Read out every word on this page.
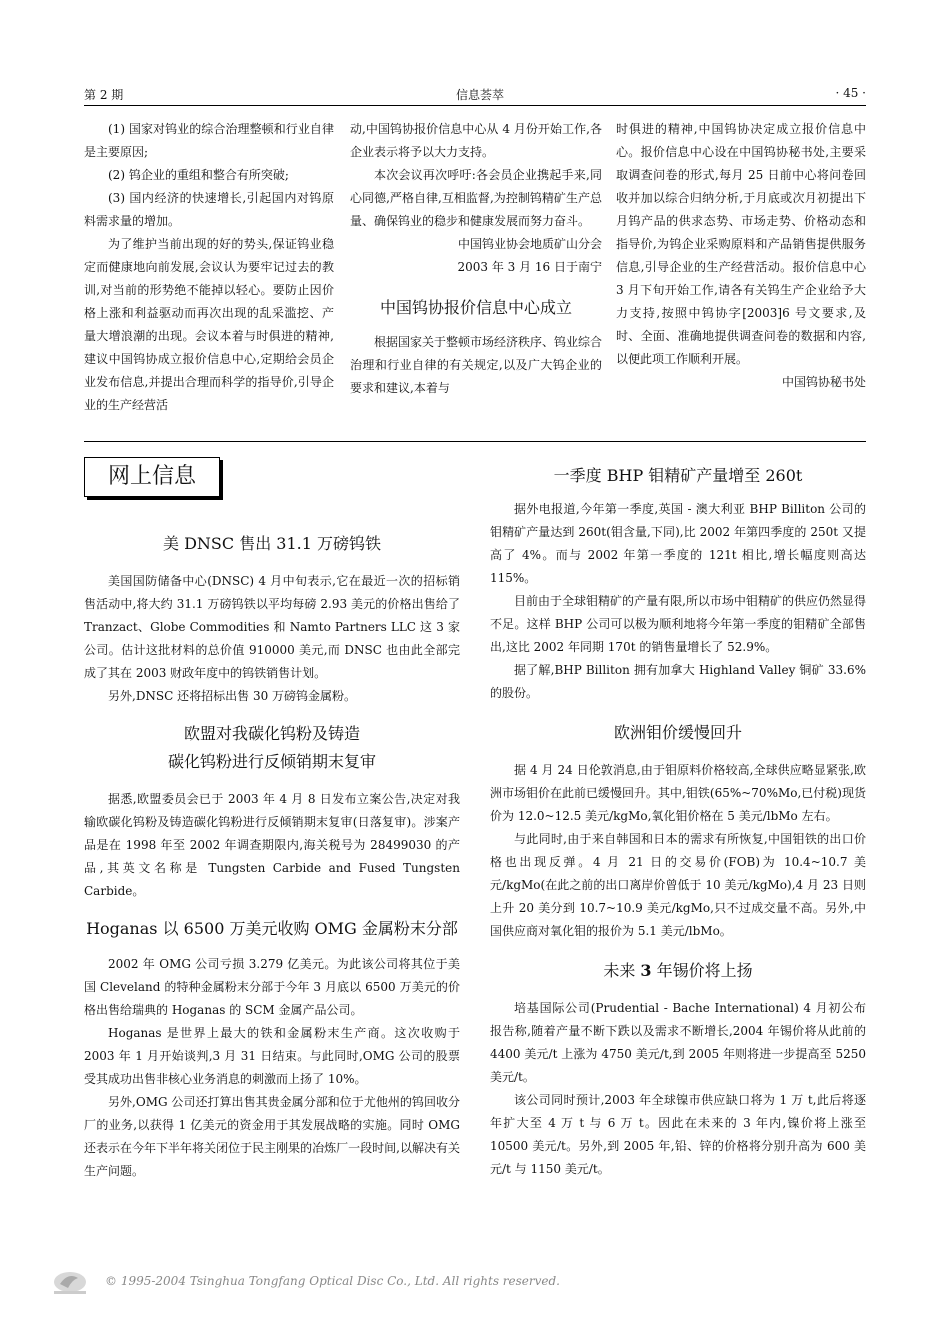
第 2 期	信息荟萃	· 45 ·

(1) 国家对钨业的综合治理整顿和行业自律是主要原因;

(2) 钨企业的重组和整合有所突破;

(3) 国内经济的快速增长,引起国内对钨原料需求量的增加。

为了维护当前出现的好的势头,保证钨业稳定而健康地向前发展,会议认为要牢记过去的教训,对当前的形势绝不能掉以轻心。要防止因价格上涨和利益驱动而再次出现的乱采滥挖、产量大增浪潮的出现。会议本着与时俱进的精神,建议中国钨协成立报价信息中心,定期给会员企业发布信息,并提出合理而科学的指导价,引导企业的生产经营活

动,中国钨协报价信息中心从 4 月份开始工作,各企业表示将予以大力支持。

本次会议再次呼吁:各会员企业携起手来,同心同德,严格自律,互相监督,为控制钨精矿生产总量、确保钨业的稳步和健康发展而努力奋斗。

中国钨业协会地质矿山分会

2003 年 3 月 16 日于南宁

中国钨协报价信息中心成立

根据国家关于整顿市场经济秩序、钨业综合治理和行业自律的有关规定,以及广大钨企业的要求和建议,本着与

时俱进的精神,中国钨协决定成立报价信息中心。报价信息中心设在中国钨协秘书处,主要采取调查问卷的形式,每月 25 日前中心将问卷回收并加以综合归纳分析,于月底或次月初提出下月钨产品的供求态势、市场走势、价格动态和指导价,为钨企业采购原料和产品销售提供服务信息,引导企业的生产经营活动。报价信息中心 3 月下旬开始工作,请各有关钨生产企业给予大力支持,按照中钨协字[2003]6 号文要求,及时、全面、准确地提供调查问卷的数据和内容,以便此项工作顺利开展。

中国钨协秘书处

网上信息
美 DNSC 售出 31.1 万磅钨铁

美国国防储备中心(DNSC) 4 月中旬表示,它在最近一次的招标销售活动中,将大约 31.1 万磅钨铁以平均每磅 2.93 美元的价格出售给了 Tranzact、Globe Commodities 和 Namto Partners LLC 这 3 家公司。估计这批材料的总价值 910000 美元,而 DNSC 也由此全部完成了其在 2003 财政年度中的钨铁销售计划。

另外,DNSC 还将招标出售 30 万磅钨金属粉。

欧盟对我碳化钨粉及铸造
碳化钨粉进行反倾销期末复审

据悉,欧盟委员会已于 2003 年 4 月 8 日发布立案公告,决定对我输欧碳化钨粉及铸造碳化钨粉进行反倾销期末复审(日落复审)。涉案产品是在 1998 年至 2002 年调查期限内,海关税号为 28499030 的产品,其英文名称是 Tungsten Carbide and Fused Tungsten Carbide。

Hoganas 以 6500 万美元收购 OMG 金属粉末分部

2002 年 OMG 公司亏损 3.279 亿美元。为此该公司将其位于美国 Cleveland 的特种金属粉末分部于今年 3 月底以 6500 万美元的价格出售给瑞典的 Hoganas 的 SCM 金属产品公司。

Hoganas 是世界上最大的铁和金属粉末生产商。这次收购于 2003 年 1 月开始谈判,3 月 31 日结束。与此同时,OMG 公司的股票受其成功出售非核心业务消息的刺激而上扬了 10%。

另外,OMG 公司还打算出售其贵金属分部和位于尤他州的钨回收分厂的业务,以获得 1 亿美元的资金用于其发展战略的实施。同时 OMG 还表示在今年下半年将关闭位于民主刚果的冶炼厂一段时间,以解决有关生产问题。

一季度 BHP 钼精矿产量增至 260t

据外电报道,今年第一季度,英国 - 澳大利亚 BHP Billiton 公司的钼精矿产量达到 260t(钼含量,下同),比 2002 年第四季度的 250t 又提高了 4%。而与 2002 年第一季度的 121t 相比,增长幅度则高达 115%。

目前由于全球钼精矿的产量有限,所以市场中钼精矿的供应仍然显得不足。这样 BHP 公司可以极为顺利地将今年第一季度的钼精矿全部售出,这比 2002 年同期 170t 的销售量增长了 52.9%。

据了解,BHP Billiton 拥有加拿大 Highland Valley 铜矿 33.6% 的股份。

欧洲钼价缓慢回升

据 4 月 24 日伦敦消息,由于钼原料价格较高,全球供应略显紧张,欧洲市场钼价在此前已缓慢回升。其中,钼铁(65%~70%Mo,已付税)现货价为 12.0~12.5 美元/kgMo,氧化钼价格在 5 美元/lbMo 左右。

与此同时,由于来自韩国和日本的需求有所恢复,中国钼铁的出口价格也出现反弹。4 月 21 日的交易价(FOB)为 10.4~10.7 美元/kgMo(在此之前的出口离岸价曾低于 10 美元/kgMo),4 月 23 日则上升 20 美分到 10.7~10.9 美元/kgMo,只不过成交量不高。另外,中国供应商对氧化钼的报价为 5.1 美元/lbMo。

未来 3 年锡价将上扬

培基国际公司(Prudential - Bache International) 4 月初公布报告称,随着产量不断下跌以及需求不断增长,2004 年锡价将从此前的 4400 美元/t 上涨为 4750 美元/t,到 2005 年则将进一步提高至 5250 美元/t。

该公司同时预计,2003 年全球镍市供应缺口将为 1 万 t,此后将逐年扩大至 4 万 t 与 6 万 t。因此在未来的 3 年内,镍价将上涨至 10500 美元/t。另外,到 2005 年,铅、锌的价格将分别升高为 600 美元/t 与 1150 美元/t。

© 1995-2004 Tsinghua Tongfang Optical Disc Co., Ltd. All rights reserved.
